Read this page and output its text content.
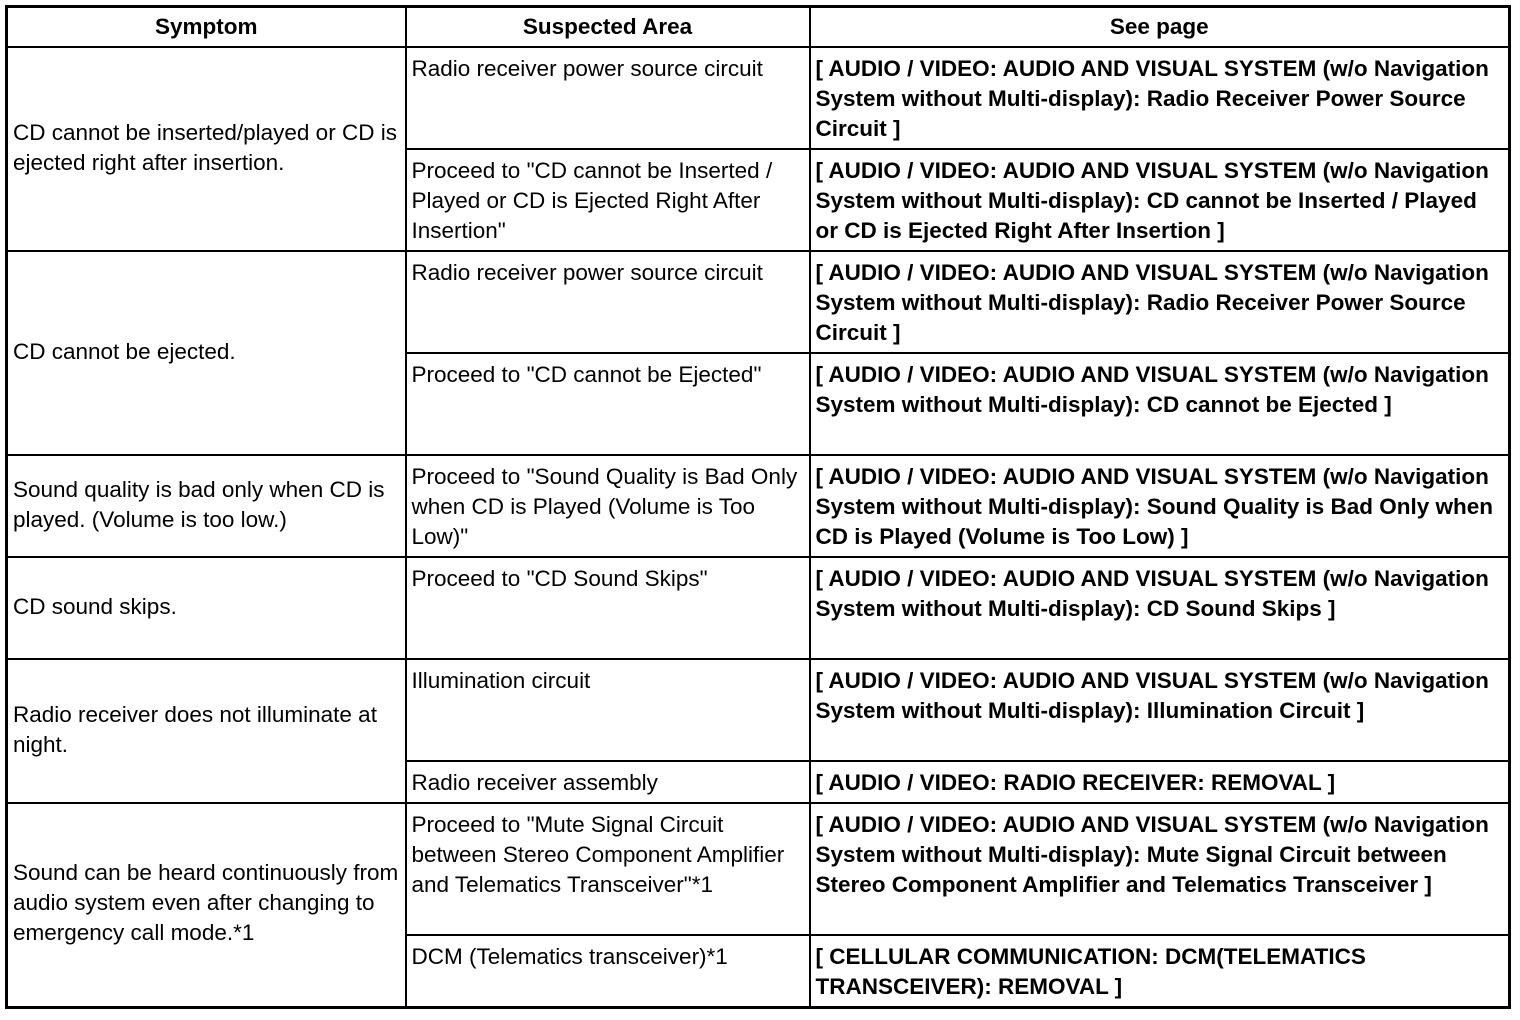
Symptom	Suspected Area	See page
CD cannot be inserted/played or CD is ejected right after insertion.	Radio receiver power source circuit	[ AUDIO / VIDEO: AUDIO AND VISUAL SYSTEM (w/o Navigation System without Multi-display): Radio Receiver Power Source Circuit ]
	Proceed to "CD cannot be Inserted / Played or CD is Ejected Right After Insertion"	[ AUDIO / VIDEO: AUDIO AND VISUAL SYSTEM (w/o Navigation System without Multi-display): CD cannot be Inserted / Played or CD is Ejected Right After Insertion ]
CD cannot be ejected.	Radio receiver power source circuit	[ AUDIO / VIDEO: AUDIO AND VISUAL SYSTEM (w/o Navigation System without Multi-display): Radio Receiver Power Source Circuit ]
	Proceed to "CD cannot be Ejected"	[ AUDIO / VIDEO: AUDIO AND VISUAL SYSTEM (w/o Navigation System without Multi-display): CD cannot be Ejected ]
Sound quality is bad only when CD is played. (Volume is too low.)	Proceed to "Sound Quality is Bad Only when CD is Played (Volume is Too Low)"	[ AUDIO / VIDEO: AUDIO AND VISUAL SYSTEM (w/o Navigation System without Multi-display): Sound Quality is Bad Only when CD is Played (Volume is Too Low) ]
CD sound skips.	Proceed to "CD Sound Skips"	[ AUDIO / VIDEO: AUDIO AND VISUAL SYSTEM (w/o Navigation System without Multi-display): CD Sound Skips ]
Radio receiver does not illuminate at night.	Illumination circuit	[ AUDIO / VIDEO: AUDIO AND VISUAL SYSTEM (w/o Navigation System without Multi-display): Illumination Circuit ]
	Radio receiver assembly	[ AUDIO / VIDEO: RADIO RECEIVER: REMOVAL ]
Sound can be heard continuously from audio system even after changing to emergency call mode.*1	Proceed to "Mute Signal Circuit between Stereo Component Amplifier and Telematics Transceiver"*1	[ AUDIO / VIDEO: AUDIO AND VISUAL SYSTEM (w/o Navigation System without Multi-display): Mute Signal Circuit between Stereo Component Amplifier and Telematics Transceiver ]
	DCM (Telematics transceiver)*1	[ CELLULAR COMMUNICATION: DCM(TELEMATICS TRANSCEIVER): REMOVAL ]
